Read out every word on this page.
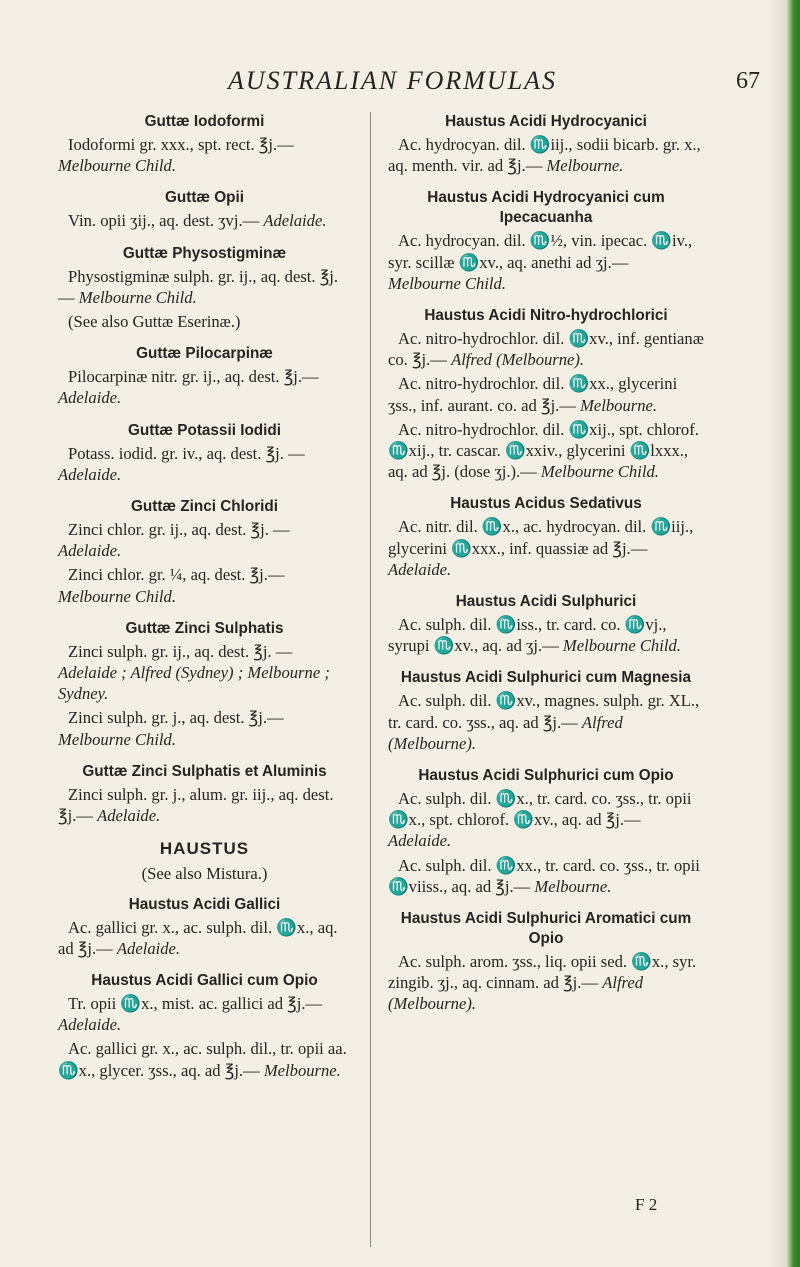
AUSTRALIAN FORMULAS	67
Guttæ Iodoformi
Iodoformi gr. xxx., spt. rect. ℥j.— Melbourne Child.
Guttæ Opii
Vin. opii ʒij., aq. dest. ʒvj.— Adelaide.
Guttæ Physostigminæ
Physostigminæ sulph. gr. ij., aq. dest. ℥j.— Melbourne Child.
(See also Guttæ Eserinæ.)
Guttæ Pilocarpinæ
Pilocarpinæ nitr. gr. ij., aq. dest. ℥j.— Adelaide.
Guttæ Potassii Iodidi
Potass. iodid. gr. iv., aq. dest. ℥j. — Adelaide.
Guttæ Zinci Chloridi
Zinci chlor. gr. ij., aq. dest. ℥j. — Adelaide.
Zinci chlor. gr. ¼, aq. dest. ℥j.— Melbourne Child.
Guttæ Zinci Sulphatis
Zinci sulph. gr. ij., aq. dest. ℥j. — Adelaide ; Alfred (Sydney) ; Melbourne ; Sydney.
Zinci sulph. gr. j., aq. dest. ℥j.— Melbourne Child.
Guttæ Zinci Sulphatis et Aluminis
Zinci sulph. gr. j., alum. gr. iij., aq. dest. ℥j.— Adelaide.
HAUSTUS
(See also Mistura.)
Haustus Acidi Gallici
Ac. gallici gr. x., ac. sulph. dil. ♏x., aq. ad ℥j.— Adelaide.
Haustus Acidi Gallici cum Opio
Tr. opii ♏x., mist. ac. gallici ad ℥j.— Adelaide.
Ac. gallici gr. x., ac. sulph. dil., tr. opii aa. ♏x., glycer. ʒss., aq. ad ℥j.— Melbourne.
Haustus Acidi Hydrocyanici
Ac. hydrocyan. dil. ♏iij., sodii bicarb. gr. x., aq. menth. vir. ad ℥j.— Melbourne.
Haustus Acidi Hydrocyanici cum Ipecacuanha
Ac. hydrocyan. dil. ♏½, vin. ipecac. ♏iv., syr. scillæ ♏xv., aq. anethi ad ʒj.— Melbourne Child.
Haustus Acidi Nitro-hydrochlorici
Ac. nitro-hydrochlor. dil. ♏xv., inf. gentianæ co. ℥j.— Alfred (Melbourne).
Ac. nitro-hydrochlor. dil. ♏xx., glycerini ʒss., inf. aurant. co. ad ℥j.— Melbourne.
Ac. nitro-hydrochlor. dil. ♏xij., spt. chlorof. ♏xij., tr. cascar. ♏xxiv., glycerini ♏lxxx., aq. ad ℥j. (dose ʒj.).— Melbourne Child.
Haustus Acidus Sedativus
Ac. nitr. dil. ♏x., ac. hydrocyan. dil. ♏iij., glycerini ♏xxx., inf. quassiæ ad ℥j.— Adelaide.
Haustus Acidi Sulphurici
Ac. sulph. dil. ♏iss., tr. card. co. ♏vj., syrupi ♏xv., aq. ad ʒj.— Melbourne Child.
Haustus Acidi Sulphurici cum Magnesia
Ac. sulph. dil. ♏xv., magnes. sulph. gr. XL., tr. card. co. ʒss., aq. ad ℥j.— Alfred (Melbourne).
Haustus Acidi Sulphurici cum Opio
Ac. sulph. dil. ♏x., tr. card. co. ʒss., tr. opii ♏x., spt. chlorof. ♏xv., aq. ad ℥j.— Adelaide.
Ac. sulph. dil. ♏xx., tr. card. co. ʒss., tr. opii ♏viiss., aq. ad ℥j.— Melbourne.
Haustus Acidi Sulphurici Aromatici cum Opio
Ac. sulph. arom. ʒss., liq. opii sed. ♏x., syr. zingib. ʒj., aq. cinnam. ad ℥j.— Alfred (Melbourne).
F 2
